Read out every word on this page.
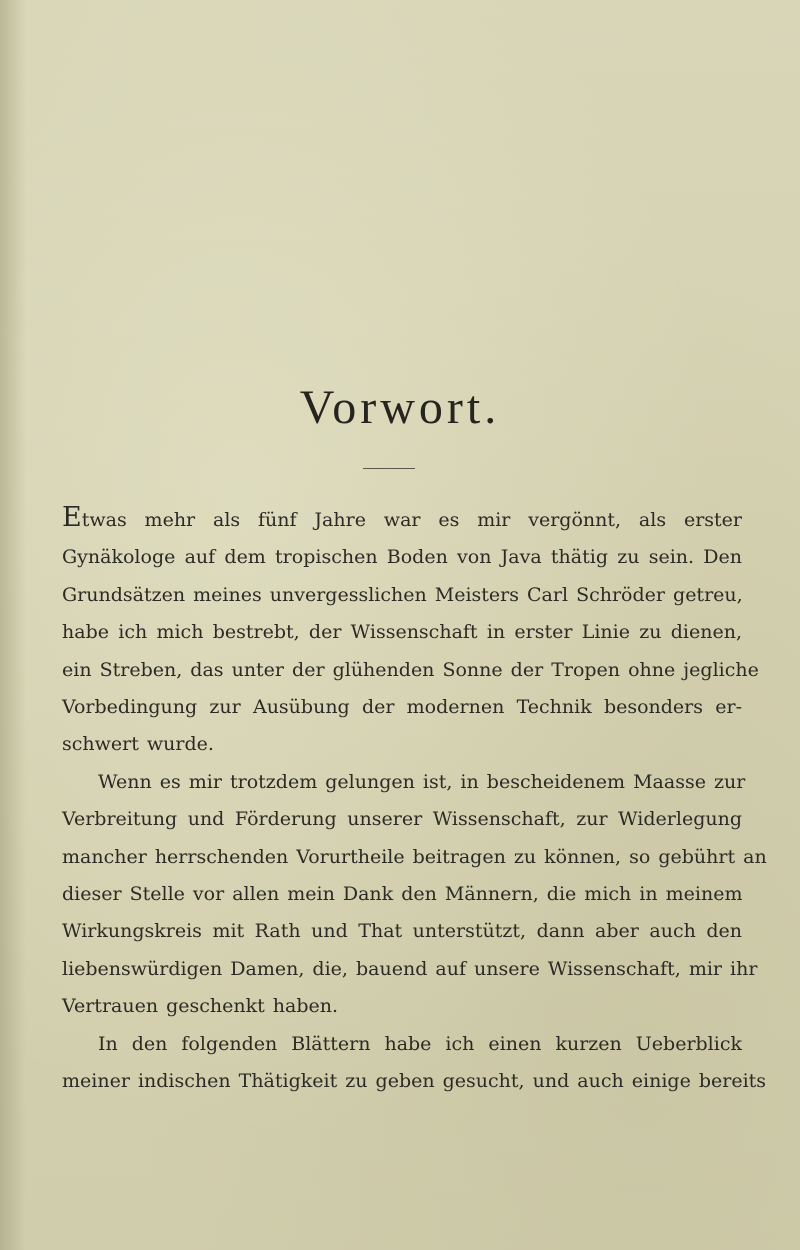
Vorwort.
Etwas mehr als fünf Jahre war es mir vergönnt, als erster
Gynäkologe auf dem tropischen Boden von Java thätig zu sein. Den
Grundsätzen meines unvergesslichen Meisters Carl Schröder getreu,
habe ich mich bestrebt, der Wissenschaft in erster Linie zu dienen,
ein Streben, das unter der glühenden Sonne der Tropen ohne jegliche
Vorbedingung zur Ausübung der modernen Technik besonders er-
schwert wurde.
Wenn es mir trotzdem gelungen ist, in bescheidenem Maasse zur
Verbreitung und Förderung unserer Wissenschaft, zur Widerlegung
mancher herrschenden Vorurtheile beitragen zu können, so gebührt an
dieser Stelle vor allen mein Dank den Männern, die mich in meinem
Wirkungskreis mit Rath und That unterstützt, dann aber auch den
liebenswürdigen Damen, die, bauend auf unsere Wissenschaft, mir ihr
Vertrauen geschenkt haben.
In den folgenden Blättern habe ich einen kurzen Ueberblick
meiner indischen Thätigkeit zu geben gesucht, und auch einige bereits
